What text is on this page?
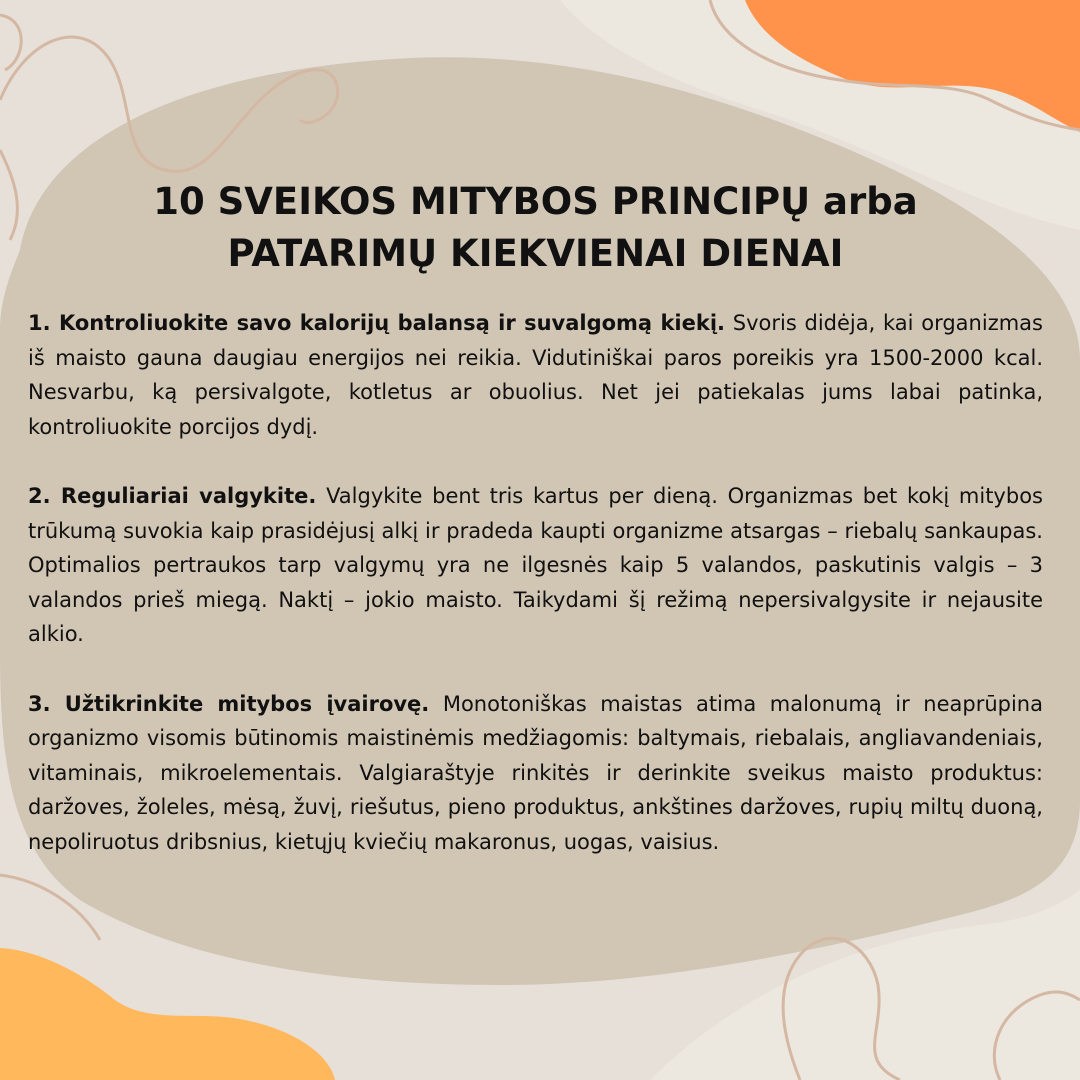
10 SVEIKOS MITYBOS PRINCIPŲ arba
PATARIMŲ KIEKVIENAI DIENAI

1. Kontroliuokite savo kalorijų balansą ir suvalgomą kiekį. Svoris didėja, kai organizmas iš maisto gauna daugiau energijos nei reikia. Vidutiniškai paros poreikis yra 1500-2000 kcal. Nesvarbu, ką persivalgote, kotletus ar obuolius. Net jei patiekalas jums labai patinka, kontroliuokite porcijos dydį.

2. Reguliariai valgykite. Valgykite bent tris kartus per dieną. Organizmas bet kokį mitybos trūkumą suvokia kaip prasidėjusį alkį ir pradeda kaupti organizme atsargas – riebalų sankaupas. Optimalios pertraukos tarp valgymų yra ne ilgesnės kaip 5 valandos, paskutinis valgis – 3 valandos prieš miegą. Naktį – jokio maisto. Taikydami šį režimą nepersivalgysite ir nejausite alkio.

3. Užtikrinkite mitybos įvairovę. Monotoniškas maistas atima malonumą ir neaprūpina organizmo visomis būtinomis maistinėmis medžiagomis: baltymais, riebalais, angliavandeniais, vitaminais, mikroelementais. Valgiaraštyje rinkitės ir derinkite sveikus maisto produktus: daržoves, žoleles, mėsą, žuvį, riešutus, pieno produktus, ankštines daržoves, rupių miltų duoną, nepoliruotus dribsnius, kietųjų kviečių makaronus, uogas, vaisius.
